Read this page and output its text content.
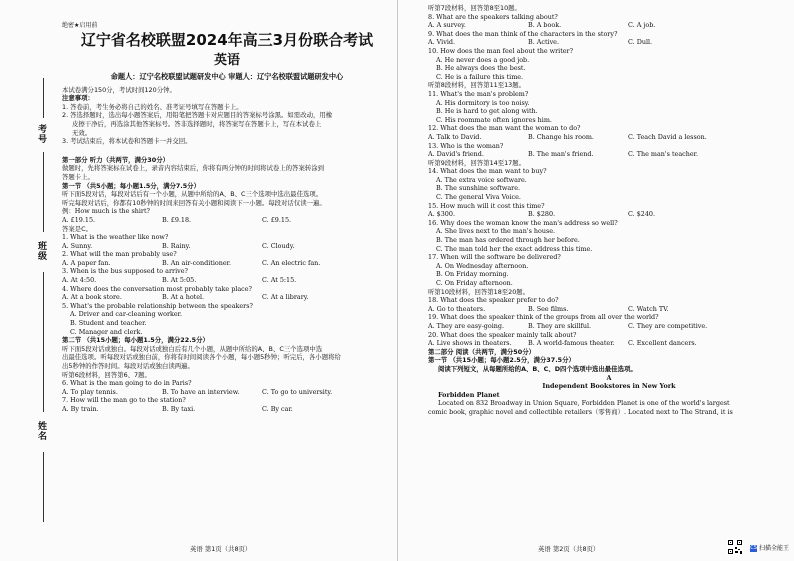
考号
班级
姓名
绝密★启用前
辽宁省名校联盟2024年高三3月份联合考试
英语
命题人：辽宁名校联盟试题研发中心 审题人：辽宁名校联盟试题研发中心
本试卷满分150分，考试时间120分钟。
注意事项：
1. 答卷前，考生务必将自己的姓名、准考证号填写在答题卡上。
2. 答选择题时，选出每小题答案后，用铅笔把答题卡对应题目的答案标号涂黑。如需改动，用橡
皮擦干净后，再选涂其他答案标号。答非选择题时，将答案写在答题卡上，写在本试卷上
无效。
3. 考试结束后，将本试卷和答题卡一并交回。
第一部分 听力（共两节，满分30分）
做题时，先将答案标在试卷上，录音内容结束后，你将有两分钟的时间将试卷上的答案转涂到
答题卡上。
第一节 （共5小题；每小题1.5分，满分7.5分）
听下面5段对话，每段对话后有一个小题，从题中所给的A、B、C三个选项中选出最佳选项。
听完每段对话后，你都有10秒钟的时间来回答有关小题和阅读下一小题。每段对话仅读一遍。
例：How much is the shirt?
A. £19.15.	B. £9.18.	C. £9.15.
答案是C。
1. What is the weather like now?
A. Sunny.	B. Rainy.	C. Cloudy.
2. What will the man probably use?
A. A paper fan.	B. An air-conditioner.	C. An electric fan.
3. When is the bus supposed to arrive?
A. At 4:50.	B. At 5:05.	C. At 5:15.
4. Where does the conversation most probably take place?
A. At a book store.	B. At a hotel.	C. At a library.
5. What's the probable relationship between the speakers?
A. Driver and car-cleaning worker.
B. Student and teacher.
C. Manager and clerk.
第二节 （共15小题；每小题1.5分，满分22.5分）
听下面5段对话或独白。每段对话或独白后有几个小题，从题中所给的A、B、C三个选项中选
出最佳选项。听每段对话或独白前，你将有时间阅读各个小题，每小题5秒钟；听完后，各小题将给
出5秒钟的作答时间。每段对话或独白读两遍。
听第6段材料，回答第6、7题。
6. What is the man going to do in Paris?
A. To play tennis.	B. To have an interview.	C. To go to university.
7. How will the man go to the station?
A. By train.	B. By taxi.	C. By car.
英语 第1页（共8页）
听第7段材料，回答第8至10题。
8. What are the speakers talking about?
A. A survey.	B. A book.	C. A job.
9. What does the man think of the characters in the story?
A. Vivid.	B. Active.	C. Dull.
10. How does the man feel about the writer?
A. He never does a good job.
B. He always does the best.
C. He is a failure this time.
听第8段材料，回答第11至13题。
11. What's the man's problem?
A. His dormitory is too noisy.
B. He is hard to get along with.
C. His roommate often ignores him.
12. What does the man want the woman to do?
A. Talk to David.	B. Change his room.	C. Teach David a lesson.
13. Who is the woman?
A. David's friend.	B. The man's friend.	C. The man's teacher.
听第9段材料，回答第14至17题。
14. What does the man want to buy?
A. The extra voice software.
B. The sunshine software.
C. The general Viva Voice.
15. How much will it cost this time?
A. $300.	B. $280.	C. $240.
16. Why does the woman know the man's address so well?
A. She lives next to the man's house.
B. The man has ordered through her before.
C. The man told her the exact address this time.
17. When will the software be delivered?
A. On Wednesday afternoon.
B. On Friday morning.
C. On Friday afternoon.
听第10段材料，回答第18至20题。
18. What does the speaker prefer to do?
A. Go to theaters.	B. See films.	C. Watch TV.
19. What does the speaker think of the groups from all over the world?
A. They are easy-going.	B. They are skillful.	C. They are competitive.
20. What does the speaker mainly talk about?
A. Live shows in theaters.	B. A world-famous theater.	C. Excellent dancers.
第二部分 阅读（共两节，满分50分）
第一节 （共15小题；每小题2.5分，满分37.5分）
阅读下列短文，从每题所给的A、B、C、D四个选项中选出最佳选项。
A
Independent Bookstores in New York
Forbidden Planet
Located on 832 Broadway in Union Square, Forbidden Planet is one of the world's largest
comic book, graphic novel and collectible retailers（零售商）. Located next to The Strand, it is
英语 第2页（共8页）	CS 扫描全能王
